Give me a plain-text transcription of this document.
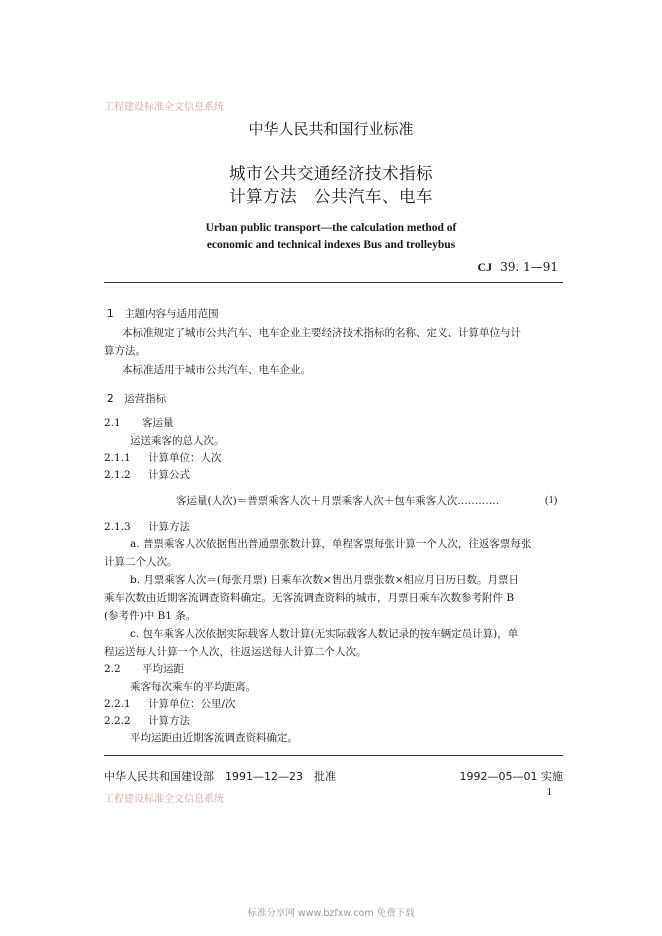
工程建设标准全文信息系统
中华人民共和国行业标准
城市公共交通经济技术指标
计算方法　公共汽车、电车
Urban public transport—the calculation method of
economic and technical indexes Bus and trolleybus
CJ 39. 1—91
1　主题内容与适用范围
本标准规定了城市公共汽车、电车企业主要经济技术指标的名称、定义、计算单位与计
算方法。
本标准适用于城市公共汽车、电车企业。
2　运营指标
2.1 客运量
运送乘客的总人次。
2.1.1 计算单位：人次
2.1.2 计算公式
客运量(人次)＝普票乘客人次＋月票乘客人次＋包车乘客人次…………	(1)
2.1.3 计算方法
a. 普票乘客人次依据售出普通票张数计算，单程客票每张计算一个人次，往返客票每张
计算二个人次。
b. 月票乘客人次＝(每张月票) 日乘车次数×售出月票张数×相应月日历日数。月票日
乘车次数由近期客流调查资料确定。无客流调查资料的城市，月票日乘车次数参考附件 B
(参考件)中 B1 条。
c. 包车乘客人次依据实际载客人数计算(无实际载客人数记录的按车辆定员计算)，单
程运送每人计算一个人次，往返运送每人计算二个人次。
2.2 平均运距
乘客每次乘车的平均距离。
2.2.1 计算单位：公里/次
2.2.2 计算方法
平均运距由近期客流调查资料确定。
中华人民共和国建设部　1991—12—23　批准	1992—05—01 实施
工程建设标准全文信息系统
1
标准分享网 www.bzfxw.com 免费下载
